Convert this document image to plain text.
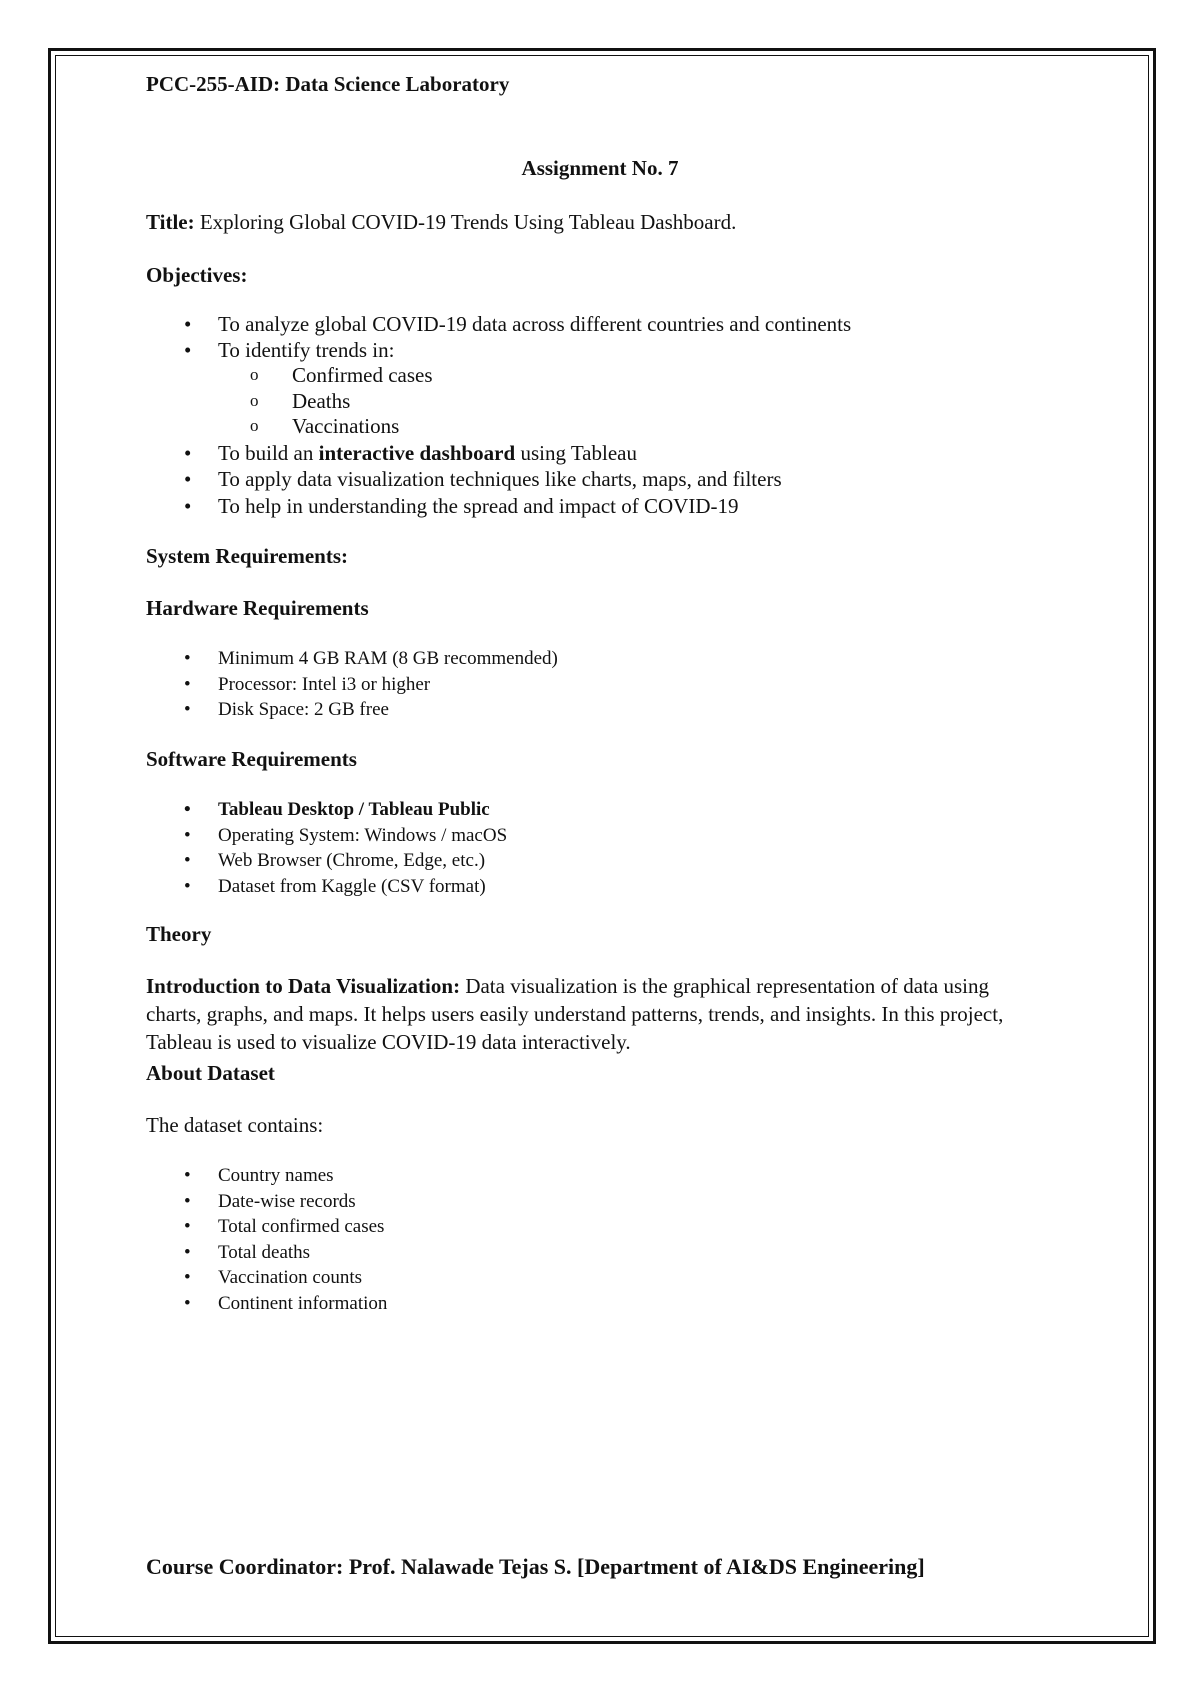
PCC-255-AID: Data Science Laboratory
Assignment No. 7
Title: Exploring Global COVID-19 Trends Using Tableau Dashboard.
Objectives:
• To analyze global COVID-19 data across different countries and continents
• To identify trends in:
o Confirmed cases
o Deaths
o Vaccinations
• To build an interactive dashboard using Tableau
• To apply data visualization techniques like charts, maps, and filters
• To help in understanding the spread and impact of COVID-19
System Requirements:
Hardware Requirements
• Minimum 4 GB RAM (8 GB recommended)
• Processor: Intel i3 or higher
• Disk Space: 2 GB free
Software Requirements
• Tableau Desktop / Tableau Public
• Operating System: Windows / macOS
• Web Browser (Chrome, Edge, etc.)
• Dataset from Kaggle (CSV format)
Theory
Introduction to Data Visualization: Data visualization is the graphical representation of data using charts, graphs, and maps. It helps users easily understand patterns, trends, and insights. In this project, Tableau is used to visualize COVID-19 data interactively.
About Dataset
The dataset contains:
• Country names
• Date-wise records
• Total confirmed cases
• Total deaths
• Vaccination counts
• Continent information
Course Coordinator: Prof. Nalawade Tejas S. [Department of AI&DS Engineering]
